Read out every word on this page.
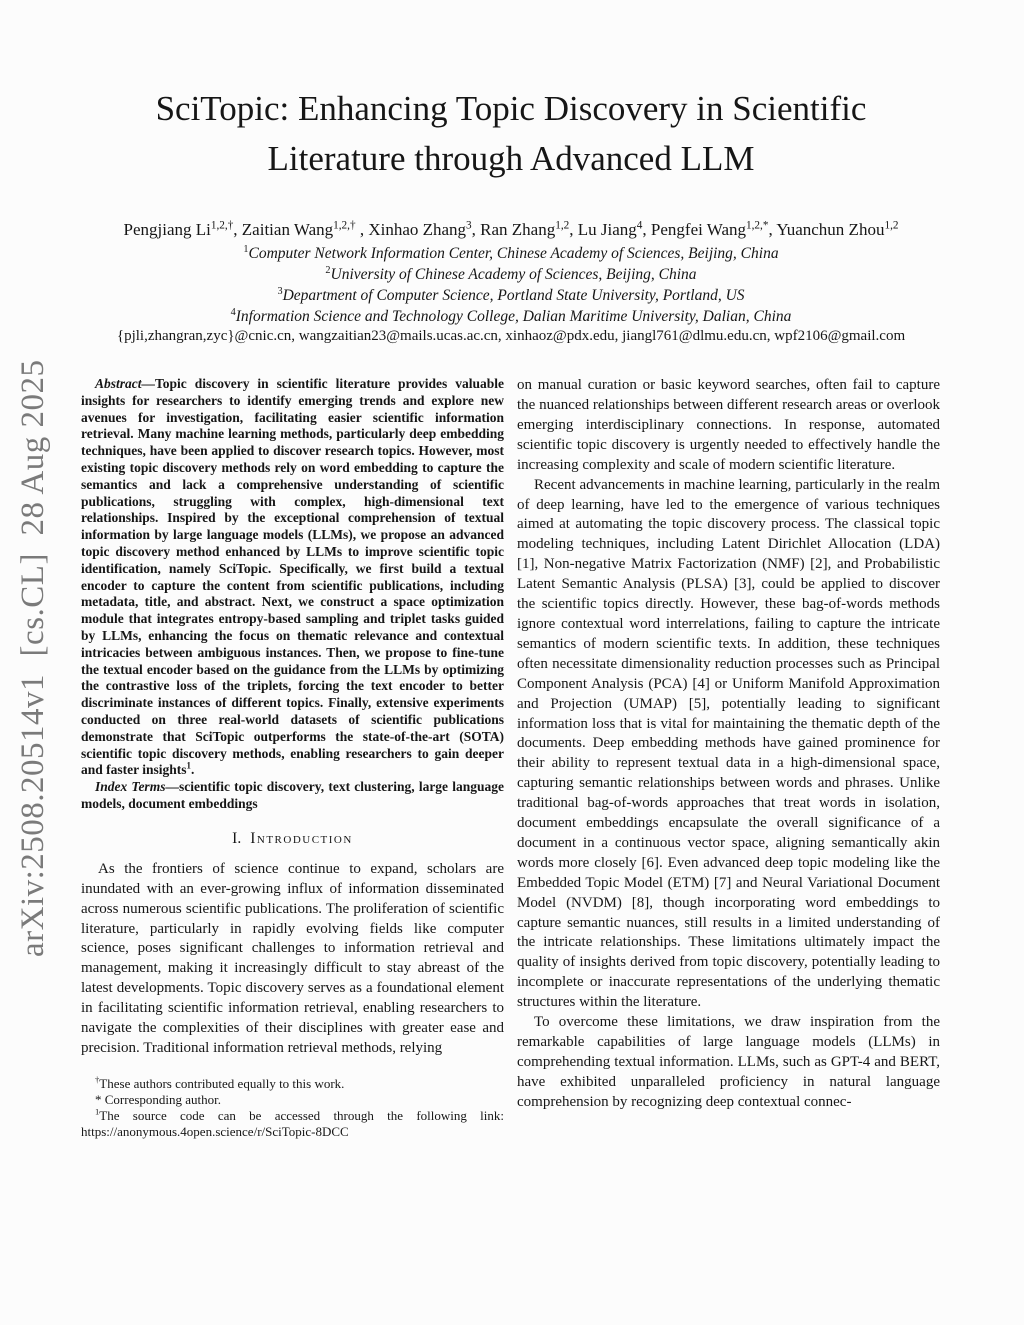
arXiv:2508.20514v1  [cs.CL]  28 Aug 2025
SciTopic: Enhancing Topic Discovery in Scientific
Literature through Advanced LLM
Pengjiang $Li^{1,2,\dagger}$, Zaitian Wang$^{1,2,\dagger}$ , Xinhao Zhang$^3$, Ran Zhang$^{1,2}$, Lu Jiang$^4$, Pengfei Wang$^{1,2,*}$, Yuanchun Zhou$^{1,2}$
$^1$Computer Network Information Center, Chinese Academy of Sciences, Beijing, China
$^2$University of Chinese Academy of Sciences, Beijing, China
$^3$Department of Computer Science, Portland State University, Portland, US
$^4$Information Science and Technology College, Dalian Maritime University, Dalian, China
{pjli,zhangran,zyc}@cnic.cn, wangzaitian23@mails.ucas.ac.cn, xinhaoz@pdx.edu, jiangl761@dlmu.edu.cn, wpf2106@gmail.com

Abstract—Topic discovery in scientific literature provides valuable insights for researchers to identify emerging trends and explore new avenues for investigation, facilitating easier scientific information retrieval. Many machine learning methods, particularly deep embedding techniques, have been applied to discover research topics. However, most existing topic discovery methods rely on word embedding to capture the semantics and lack a comprehensive understanding of scientific publications, struggling with complex, high-dimensional text relationships. Inspired by the exceptional comprehension of textual information by large language models (LLMs), we propose an advanced topic discovery method enhanced by LLMs to improve scientific topic identification, namely SciTopic. Specifically, we first build a textual encoder to capture the content from scientific publications, including metadata, title, and abstract. Next, we construct a space optimization module that integrates entropy-based sampling and triplet tasks guided by LLMs, enhancing the focus on thematic relevance and contextual intricacies between ambiguous instances. Then, we propose to fine-tune the textual encoder based on the guidance from the LLMs by optimizing the contrastive loss of the triplets, forcing the text encoder to better discriminate instances of different topics. Finally, extensive experiments conducted on three real-world datasets of scientific publications demonstrate that SciTopic outperforms the state-of-the-art (SOTA) scientific topic discovery methods, enabling researchers to gain deeper and faster insights$^1$.

Index Terms—scientific topic discovery, text clustering, large language models, document embeddings

I. Introduction

As the frontiers of science continue to expand, scholars are inundated with an ever-growing influx of information disseminated across numerous scientific publications. The proliferation of scientific literature, particularly in rapidly evolving fields like computer science, poses significant challenges to information retrieval and management, making it increasingly difficult to stay abreast of the latest developments. Topic discovery serves as a foundational element in facilitating scientific information retrieval, enabling researchers to navigate the complexities of their disciplines with greater ease and precision. Traditional information retrieval methods, relying

†These authors contributed equally to this work.

* Corresponding author.

$^1$The source code can be accessed through the following link: https://anonymous.4open.science/r/SciTopic-8DCC

on manual curation or basic keyword searches, often fail to capture the nuanced relationships between different research areas or overlook emerging interdisciplinary connections. In response, automated scientific topic discovery is urgently needed to effectively handle the increasing complexity and scale of modern scientific literature.

Recent advancements in machine learning, particularly in the realm of deep learning, have led to the emergence of various techniques aimed at automating the topic discovery process. The classical topic modeling techniques, including Latent Dirichlet Allocation (LDA) [1], Non-negative Matrix Factorization (NMF) [2], and Probabilistic Latent Semantic Analysis (PLSA) [3], could be applied to discover the scientific topics directly. However, these bag-of-words methods ignore contextual word interrelations, failing to capture the intricate semantics of modern scientific texts. In addition, these techniques often necessitate dimensionality reduction processes such as Principal Component Analysis (PCA) [4] or Uniform Manifold Approximation and Projection (UMAP) [5], potentially leading to significant information loss that is vital for maintaining the thematic depth of the documents. Deep embedding methods have gained prominence for their ability to represent textual data in a high-dimensional space, capturing semantic relationships between words and phrases. Unlike traditional bag-of-words approaches that treat words in isolation, document embeddings encapsulate the overall significance of a document in a continuous vector space, aligning semantically akin words more closely [6]. Even advanced deep topic modeling like the Embedded Topic Model (ETM) [7] and Neural Variational Document Model (NVDM) [8], though incorporating word embeddings to capture semantic nuances, still results in a limited understanding of the intricate relationships. These limitations ultimately impact the quality of insights derived from topic discovery, potentially leading to incomplete or inaccurate representations of the underlying thematic structures within the literature.

To overcome these limitations, we draw inspiration from the remarkable capabilities of large language models (LLMs) in comprehending textual information. LLMs, such as GPT-4 and BERT, have exhibited unparalleled proficiency in natural language comprehension by recognizing deep contextual connec-
